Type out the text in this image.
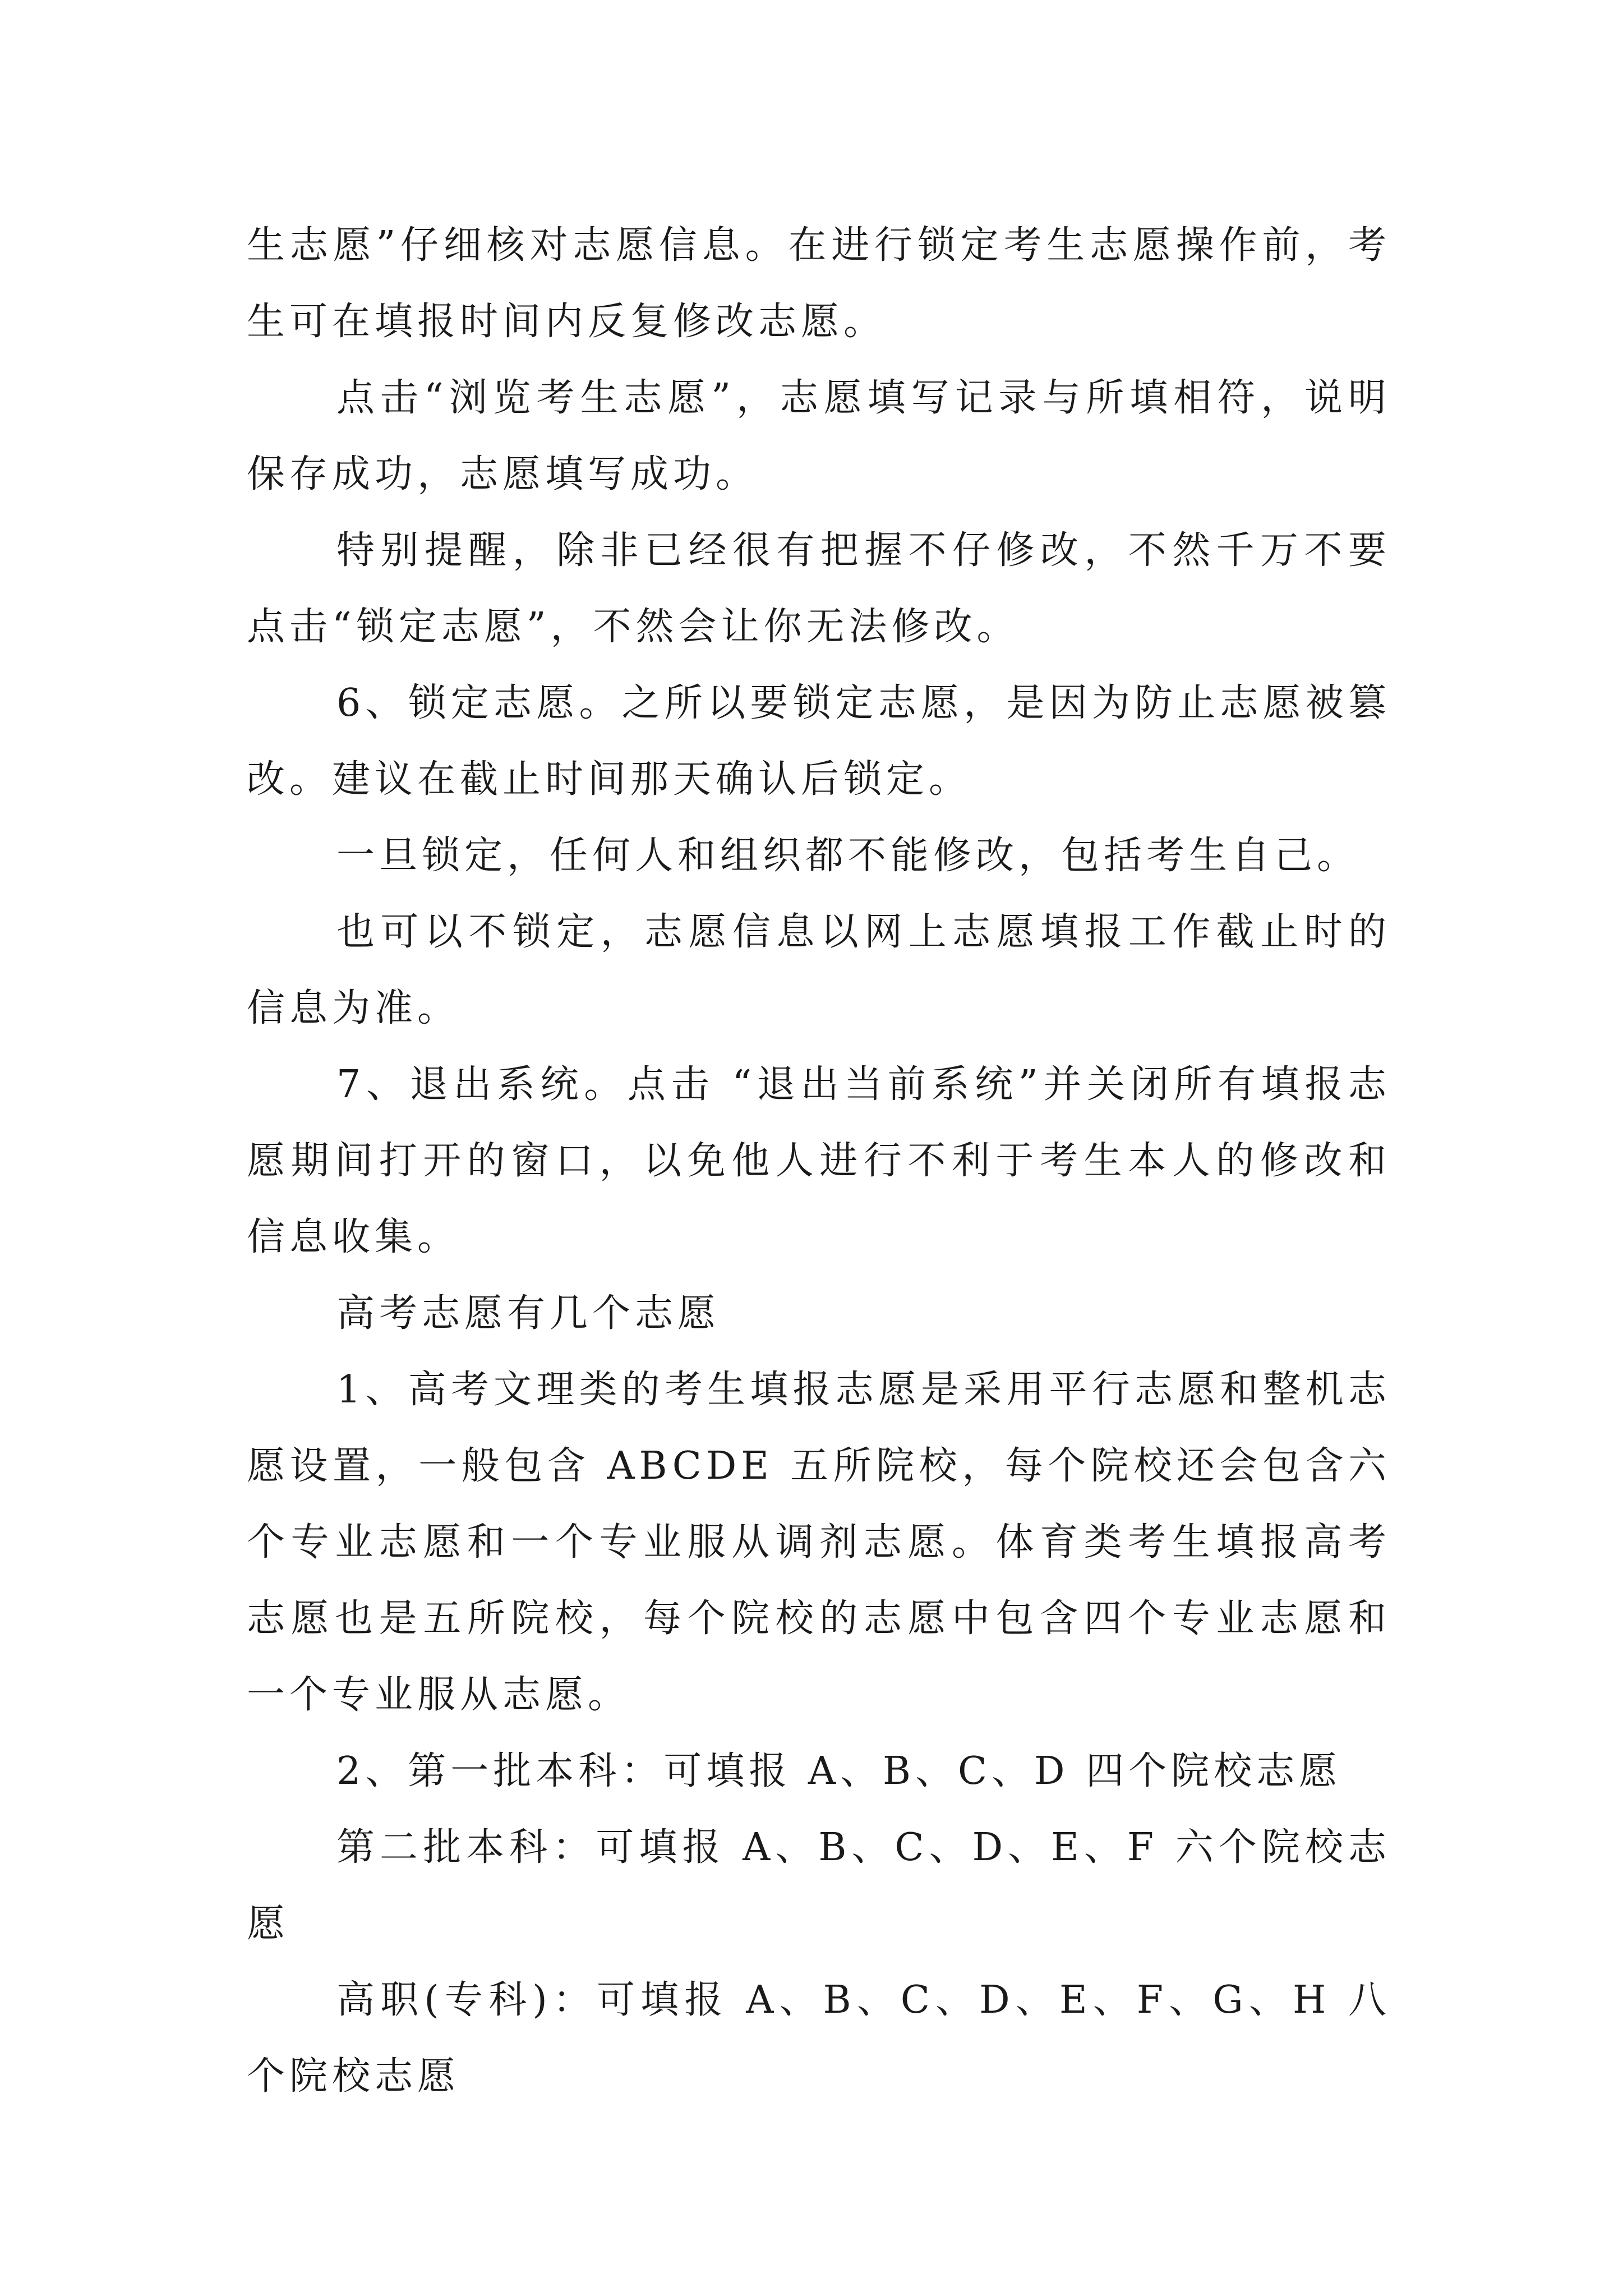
生志愿”仔细核对志愿信息。在进行锁定考生志愿操作前，考生可在填报时间内反复修改志愿。

点击“浏览考生志愿”，志愿填写记录与所填相符，说明保存成功，志愿填写成功。

特别提醒，除非已经很有把握不仔修改，不然千万不要点击“锁定志愿”，不然会让你无法修改。

6、锁定志愿。之所以要锁定志愿，是因为防止志愿被篡改。建议在截止时间那天确认后锁定。

一旦锁定，任何人和组织都不能修改，包括考生自己。

也可以不锁定，志愿信息以网上志愿填报工作截止时的信息为准。

7、退出系统。点击 “退出当前系统”并关闭所有填报志愿期间打开的窗口，以免他人进行不利于考生本人的修改和信息收集。

高考志愿有几个志愿

1、高考文理类的考生填报志愿是采用平行志愿和整机志愿设置，一般包含 ABCDE 五所院校，每个院校还会包含六个专业志愿和一个专业服从调剂志愿。体育类考生填报高考志愿也是五所院校，每个院校的志愿中包含四个专业志愿和一个专业服从志愿。

2、第一批本科：可填报 A、B、C、D 四个院校志愿

第二批本科：可填报 A、B、C、D、E、F 六个院校志愿

高职(专科)：可填报 A、B、C、D、E、F、G、H 八个院校志愿
